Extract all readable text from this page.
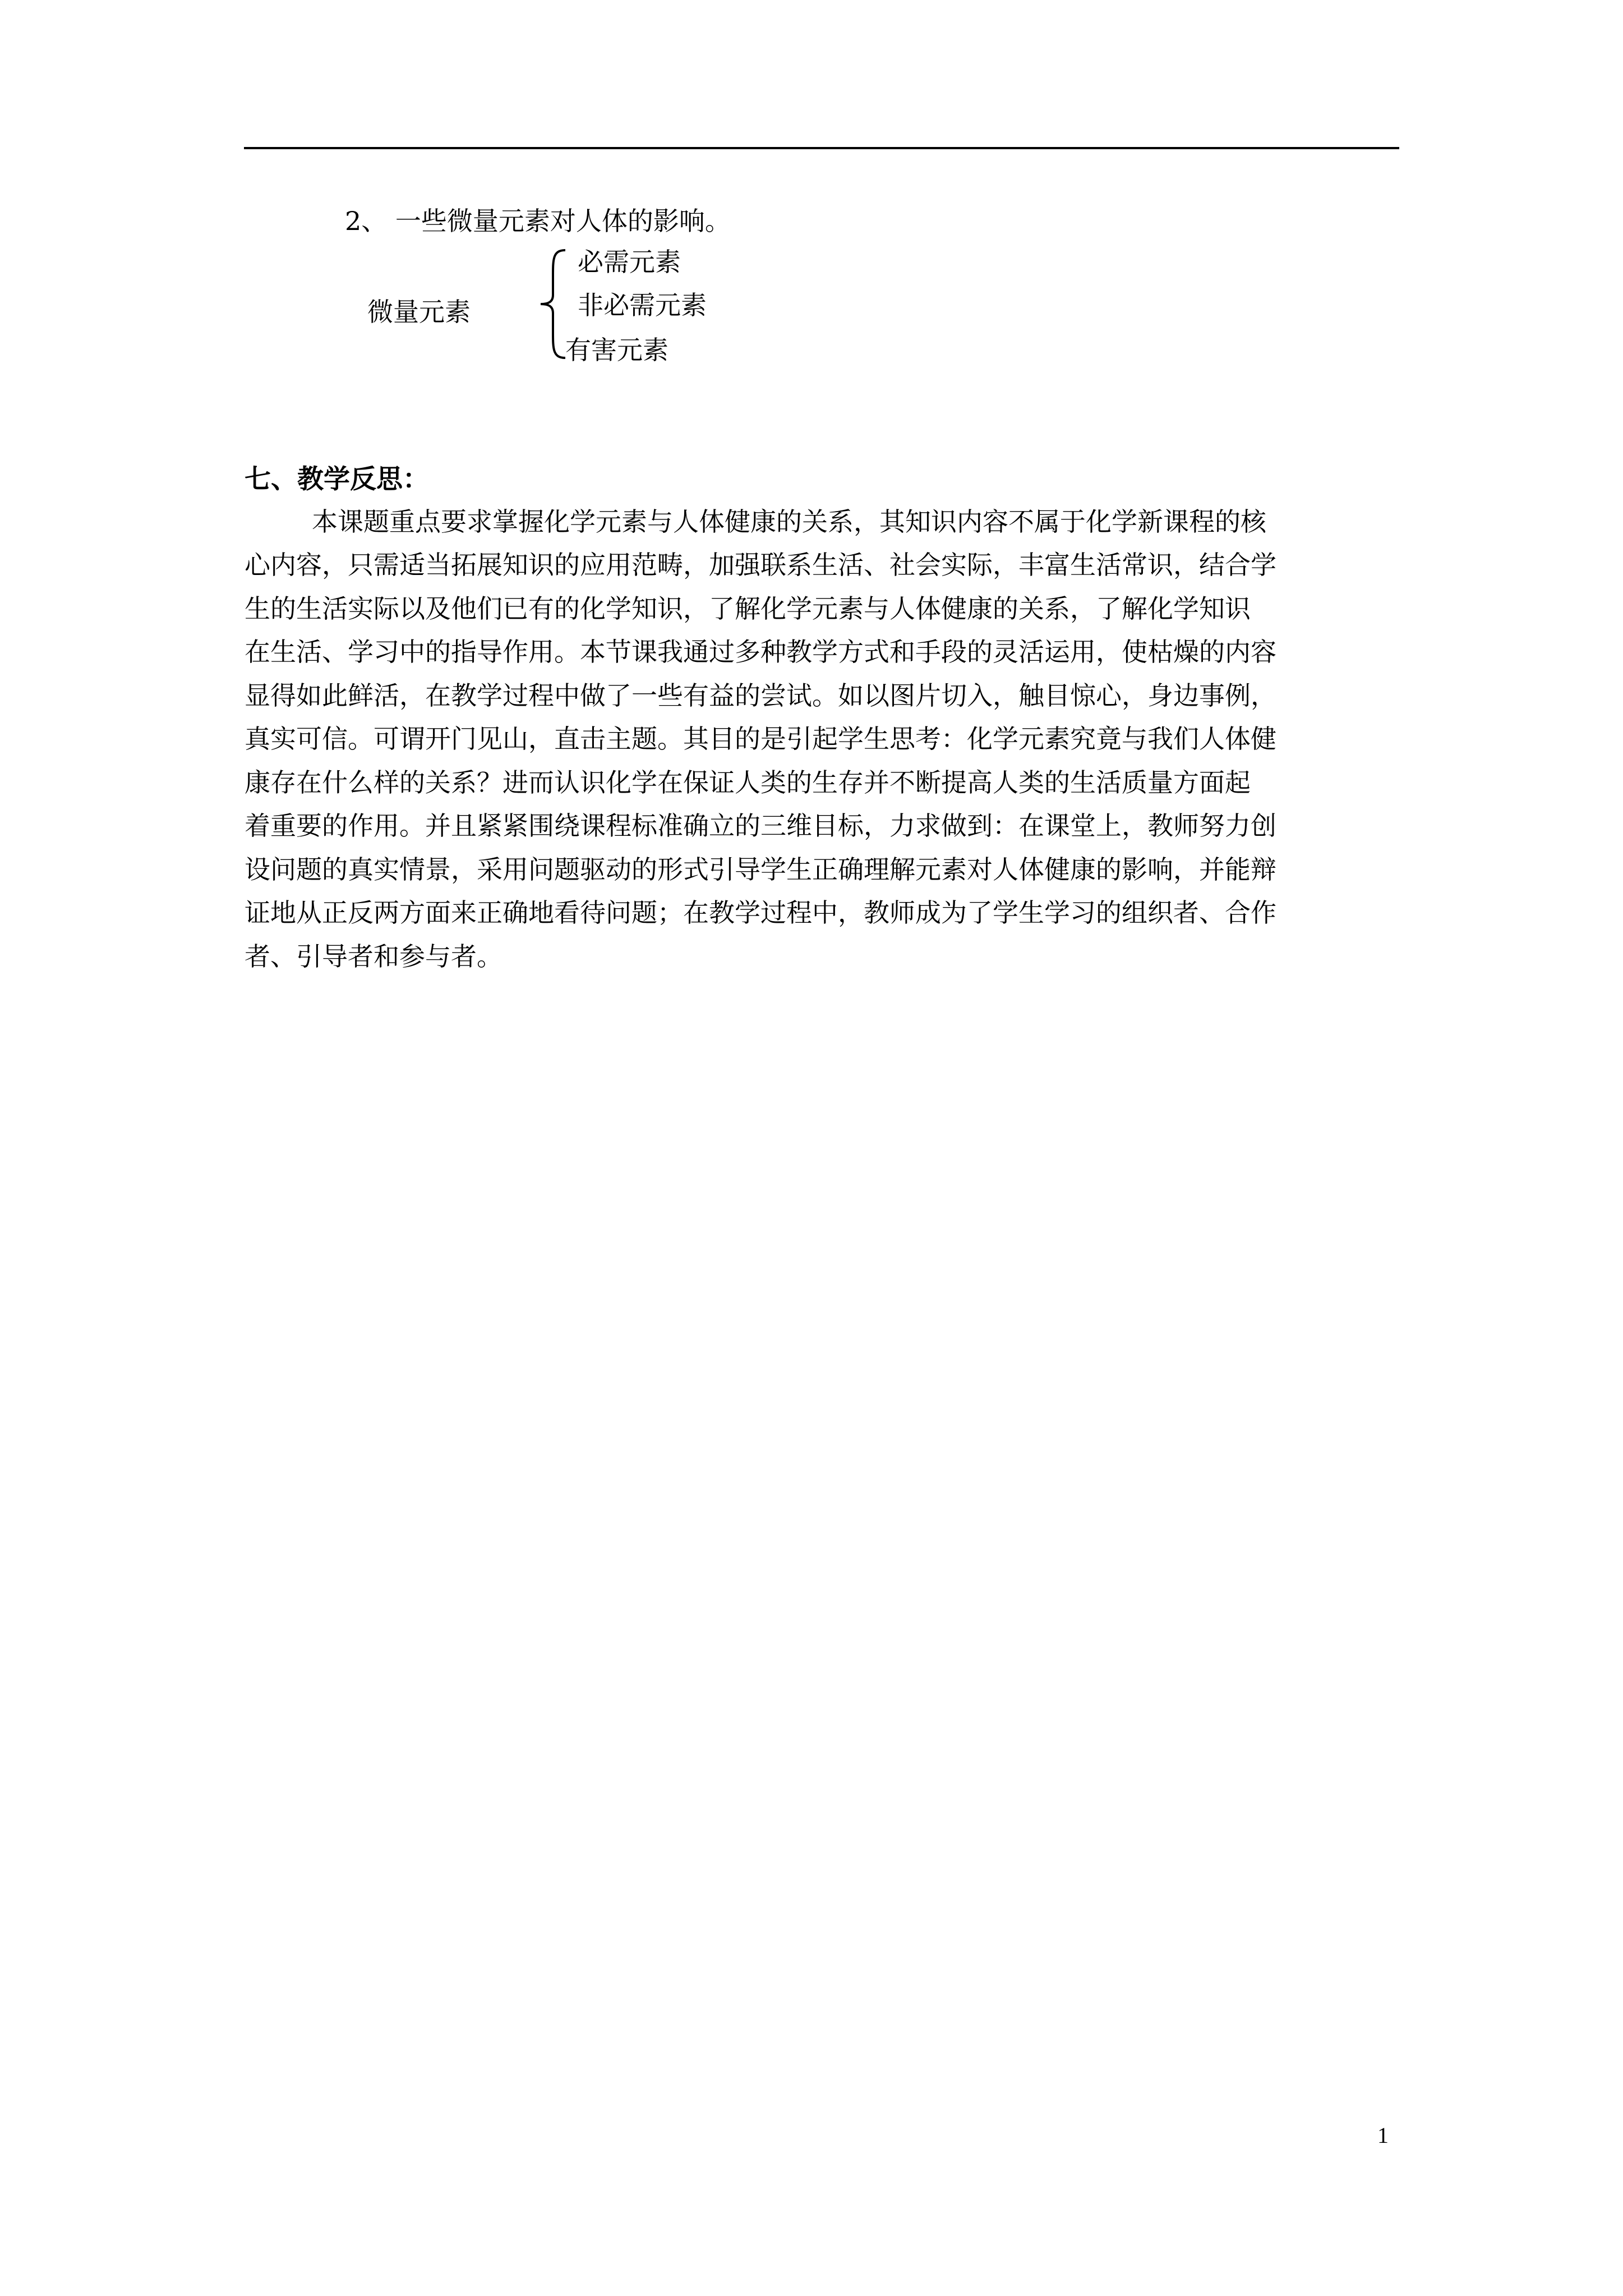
2、 一些微量元素对人体的影响。
微量元素
必需元素
非必需元素
有害元素
七、教学反思：
本课题重点要求掌握化学元素与人体健康的关系，其知识内容不属于化学新课程的核
心内容，只需适当拓展知识的应用范畴，加强联系生活、社会实际，丰富生活常识，结合学
生的生活实际以及他们已有的化学知识，了解化学元素与人体健康的关系，了解化学知识
在生活、学习中的指导作用。本节课我通过多种教学方式和手段的灵活运用，使枯燥的内容
显得如此鲜活，在教学过程中做了一些有益的尝试。如以图片切入，触目惊心，身边事例，
真实可信。可谓开门见山，直击主题。其目的是引起学生思考：化学元素究竟与我们人体健
康存在什么样的关系？进而认识化学在保证人类的生存并不断提高人类的生活质量方面起
着重要的作用。并且紧紧围绕课程标准确立的三维目标，力求做到：在课堂上，教师努力创
设问题的真实情景，采用问题驱动的形式引导学生正确理解元素对人体健康的影响，并能辩
证地从正反两方面来正确地看待问题；在教学过程中，教师成为了学生学习的组织者、合作
者、引导者和参与者。
1
